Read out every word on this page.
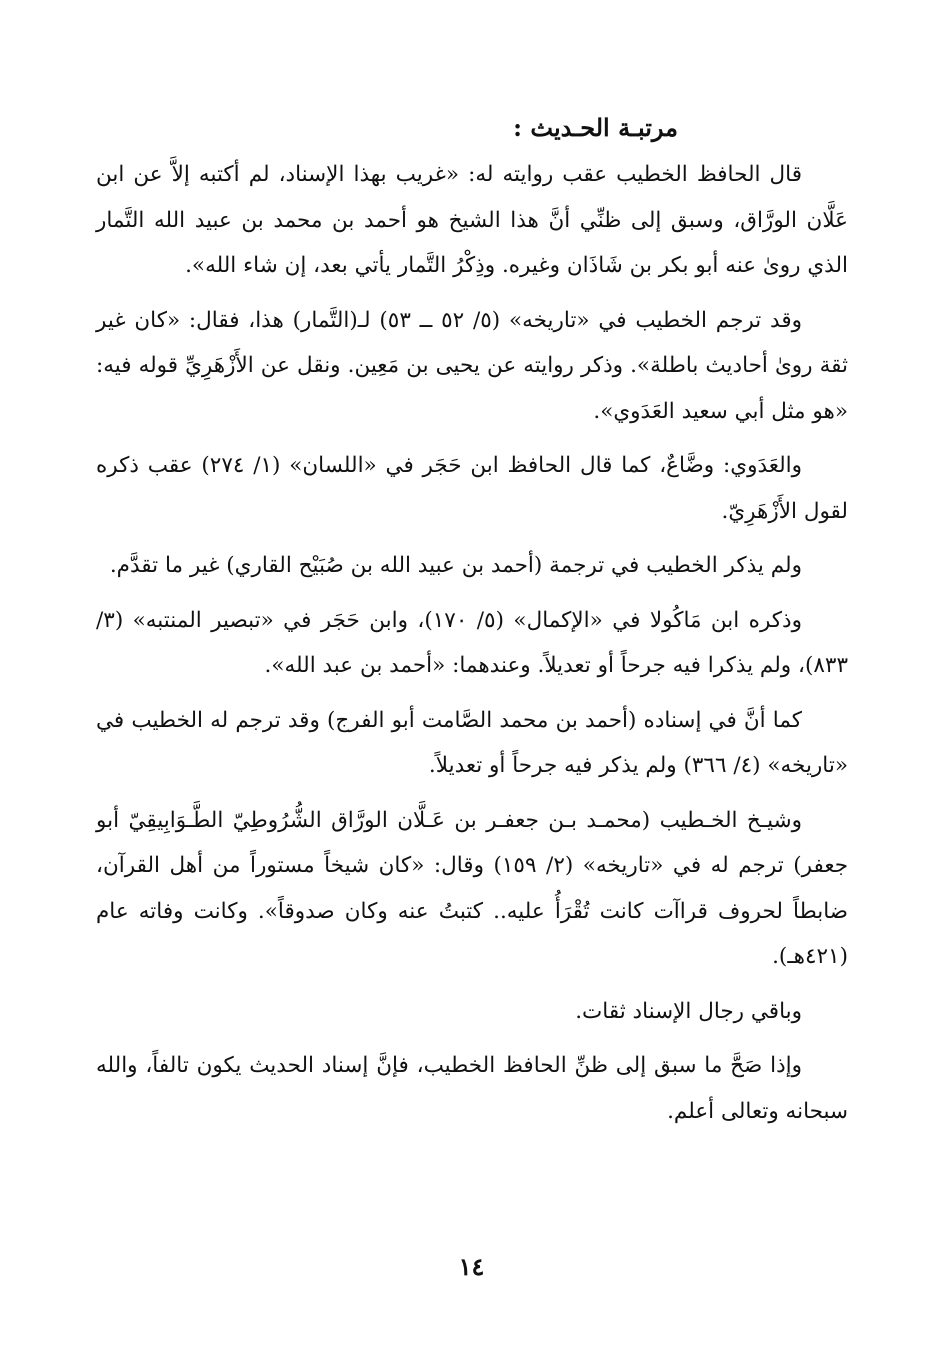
مرتبـة الحـديث :

قال الحافظ الخطيب عقب روايته له: «غريب بهذا الإسناد، لم أكتبه إلاَّ عن ابن عَلَّان الورَّاق، وسبق إلى ظنِّي أنَّ هذا الشيخ هو أحمد بن محمد بن عبيد الله التَّمار الذي روىٰ عنه أبو بكر بن شَاذَان وغيره. وذِكْرُ التَّمار يأتي بعد، إن شاء الله».

وقد ترجم الخطيب في «تاريخه» (٥/ ٥٢ ــ ٥٣) لـ(التَّمار) هذا، فقال: «كان غير ثقة روىٰ أحاديث باطلة». وذكر روايته عن يحيى بن مَعِين. ونقل عن الأَزْهَرِيِّ قوله فيه: «هو مثل أبي سعيد العَدَوي».

والعَدَوي: وضَّاعٌ، كما قال الحافظ ابن حَجَر في «اللسان» (١/ ٢٧٤) عقب ذكره لقول الأَزْهَرِيّ.

ولم يذكر الخطيب في ترجمة (أحمد بن عبيد الله بن صُبَيْح القاري) غير ما تقدَّم.

وذكره ابن مَاكُولا في «الإكمال» (٥/ ١٧٠)، وابن حَجَر في «تبصير المنتبه» (٣/ ٨٣٣)، ولم يذكرا فيه جرحاً أو تعديلاً. وعندهما: «أحمد بن عبد الله».

كما أنَّ في إسناده (أحمد بن محمد الصَّامت أبو الفرج) وقد ترجم له الخطيب في «تاريخه» (٤/ ٣٦٦) ولم يذكر فيه جرحاً أو تعديلاً.

وشيـخ الخـطيب (محمـد بـن جعفـر بن عَـلَّان الورَّاق الشُّرُوطِيّ الطَّـوَابِيقِيّ أبو جعفر) ترجم له في «تاريخه» (٢/ ١٥٩) وقال: «كان شيخاً مستوراً من أهل القرآن، ضابطاً لحروف قراآت كانت تُقْرَأُ عليه.. كتبتُ عنه وكان صدوقاً». وكانت وفاته عام (٤٢١هـ).

وباقي رجال الإسناد ثقات.

وإذا صَحَّ ما سبق إلى ظنِّ الحافظ الخطيب، فإنَّ إسناد الحديث يكون تالفاً، والله سبحانه وتعالى أعلم.

١٤
